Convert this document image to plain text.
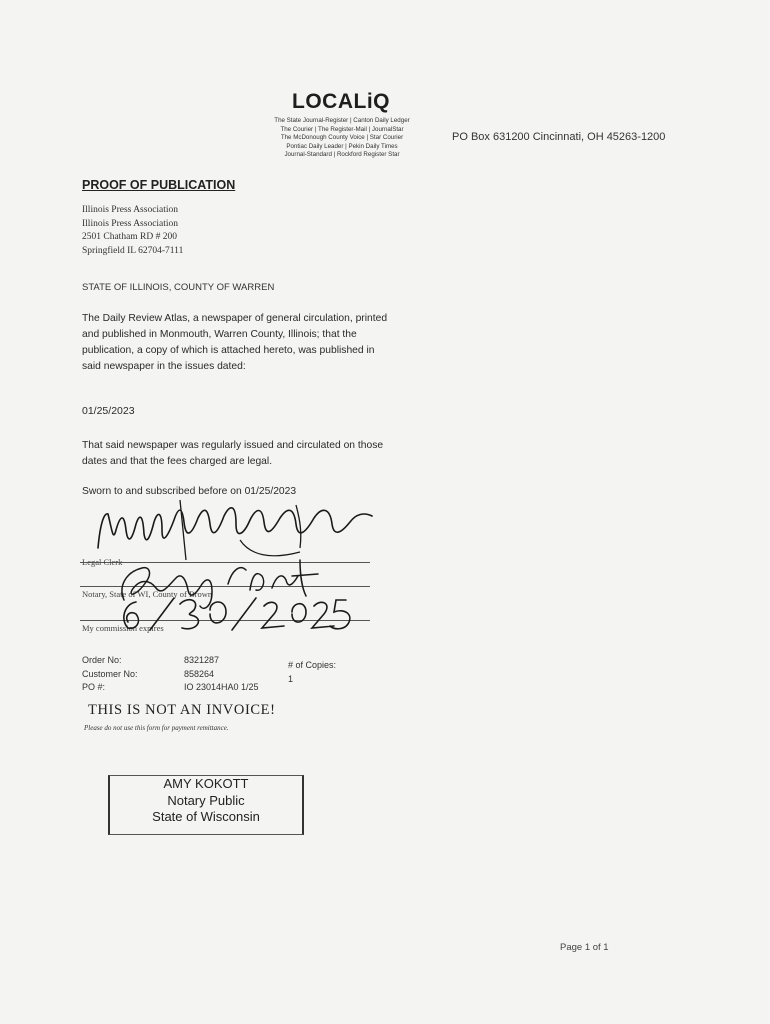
LOCALiQ
The State Journal-Register | Canton Daily Ledger
The Courier | The Register-Mail | JournalStar
The McDonough County Voice | Star Courier
Pontiac Daily Leader | Pekin Daily Times
Journal-Standard | Rockford Register Star
PO Box 631200 Cincinnati, OH 45263-1200
PROOF OF PUBLICATION
Illinois Press Association
Illinois Press Association
2501 Chatham RD # 200
Springfield IL 62704-7111
STATE OF ILLINOIS, COUNTY OF WARREN
The Daily Review Atlas, a newspaper of general circulation, printed and published in Monmouth, Warren County, Illinois; that the publication, a copy of which is attached hereto, was published in said newspaper in the issues dated:
01/25/2023
That said newspaper was regularly issued and circulated on those dates and that the fees charged are legal.
Sworn to and subscribed before on 01/25/2023
Legal Clerk
Notary, State of WI, County of Brown
My commission expires
Order No:
Customer No:
PO #:
8321287
858264
IO 23014HA0 1/25
# of Copies:
1
THIS IS NOT AN INVOICE!
Please do not use this form for payment remittance.
AMY KOKOTT
Notary Public
State of Wisconsin
Page 1 of 1
